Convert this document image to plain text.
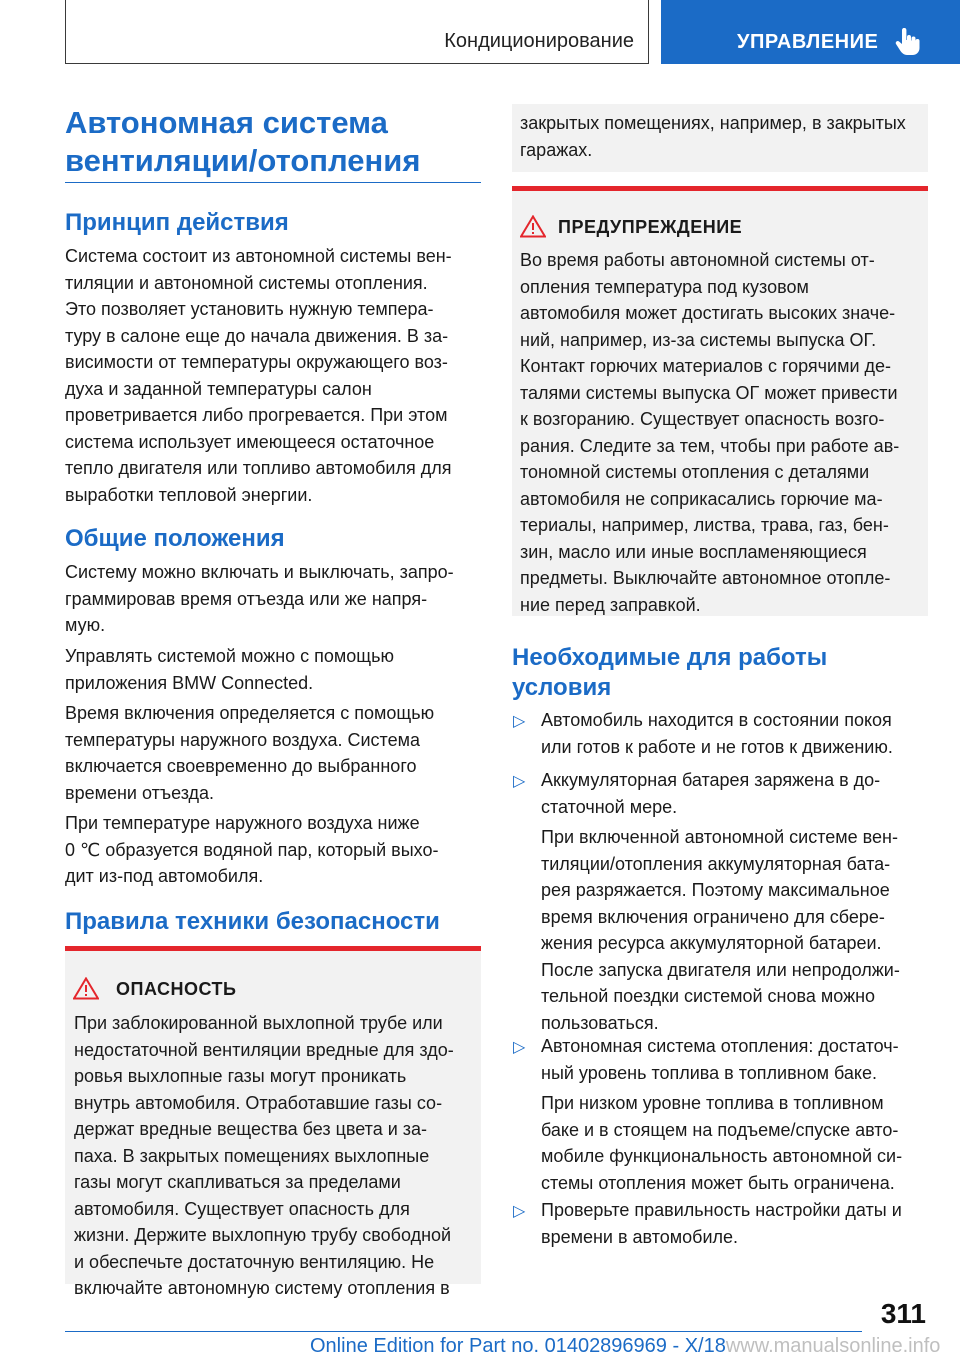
Кондиционирование	УПРАВЛЕНИЕ
Автономная система
вентиляции/отопления
Принцип действия
Система состоит из автономной системы вен-
тиляции и автономной системы отопления.
Это позволяет установить нужную темпера-
туру в салоне еще до начала движения. В за-
висимости от температуры окружающего воз-
духа и заданной температуры салон
проветривается либо прогревается. При этом
система использует имеющееся остаточное
тепло двигателя или топливо автомобиля для
выработки тепловой энергии.
Общие положения
Систему можно включать и выключать, запро-
граммировав время отъезда или же напря-
мую.
Управлять системой можно с помощью
приложения BMW Connected.
Время включения определяется с помощью
температуры наружного воздуха. Система
включается своевременно до выбранного
времени отъезда.
При температуре наружного воздуха ниже
0 ℃ образуется водяной пар, который выхо-
дит из-под автомобиля.
Правила техники безопасности
ОПАСНОСТЬ
При заблокированной выхлопной трубе или
недостаточной вентиляции вредные для здо-
ровья выхлопные газы могут проникать
внутрь автомобиля. Отработавшие газы со-
держат вредные вещества без цвета и за-
паха. В закрытых помещениях выхлопные
газы могут скапливаться за пределами
автомобиля. Существует опасность для
жизни. Держите выхлопную трубу свободной
и обеспечьте достаточную вентиляцию. Не
включайте автономную систему отопления в
закрытых помещениях, например, в закрытых
гаражах.
ПРЕДУПРЕЖДЕНИЕ
Во время работы автономной системы от-
опления температура под кузовом
автомобиля может достигать высоких значе-
ний, например, из-за системы выпуска ОГ.
Контакт горючих материалов с горячими де-
талями системы выпуска ОГ может привести
к возгоранию. Существует опасность возго-
рания. Следите за тем, чтобы при работе ав-
тономной системы отопления с деталями
автомобиля не соприкасались горючие ма-
териалы, например, листва, трава, газ, бен-
зин, масло или иные воспламеняющиеся
предметы. Выключайте автономное отопле-
ние перед заправкой.
Необходимые для работы
условия
▷ Автомобиль находится в состоянии покоя
или готов к работе и не готов к движению.
▷ Аккумуляторная батарея заряжена в до-
статочной мере.
При включенной автономной системе вен-
тиляции/отопления аккумуляторная бата-
рея разряжается. Поэтому максимальное
время включения ограничено для сбере-
жения ресурса аккумуляторной батареи.
После запуска двигателя или непродолжи-
тельной поездки системой снова можно
пользоваться.
▷ Автономная система отопления: достаточ-
ный уровень топлива в топливном баке.
При низком уровне топлива в топливном
баке и в стоящем на подъеме/спуске авто-
мобиле функциональность автономной си-
стемы отопления может быть ограничена.
▷ Проверьте правильность настройки даты и
времени в автомобиле.
311
Online Edition for Part no. 01402896969 - X/18www.manualsonline.info
